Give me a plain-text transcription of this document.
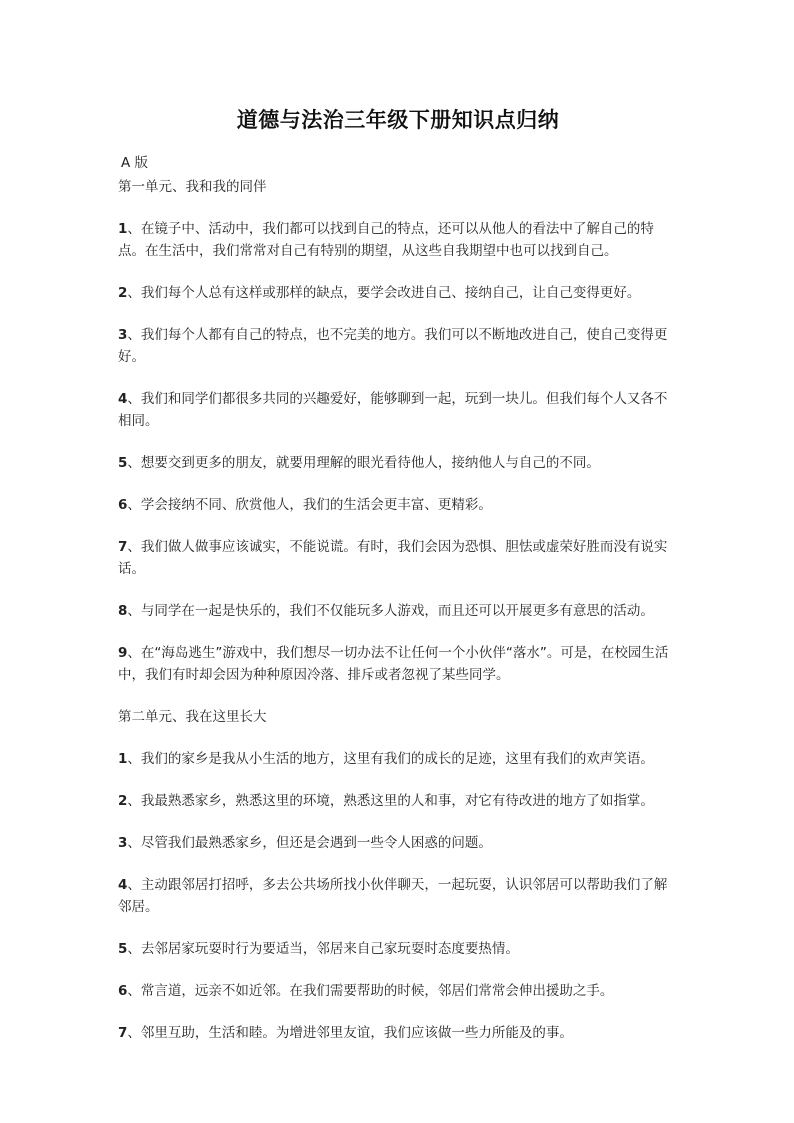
道德与法治三年级下册知识点归纳

A 版

第一单元、我和我的同伴

1、在镜子中、活动中，我们都可以找到自己的特点，还可以从他人的看法中了解自己的特点。在生活中，我们常常对自己有特别的期望，从这些自我期望中也可以找到自己。

2、我们每个人总有这样或那样的缺点，要学会改进自己、接纳自己，让自己变得更好。

3、我们每个人都有自己的特点，也不完美的地方。我们可以不断地改进自己，使自己变得更好。

4、我们和同学们都很多共同的兴趣爱好，能够聊到一起，玩到一块儿。但我们每个人又各不相同。

5、想要交到更多的朋友，就要用理解的眼光看待他人，接纳他人与自己的不同。

6、学会接纳不同、欣赏他人，我们的生活会更丰富、更精彩。

7、我们做人做事应该诚实，不能说谎。有时，我们会因为恐惧、胆怯或虚荣好胜而没有说实话。

8、与同学在一起是快乐的，我们不仅能玩多人游戏，而且还可以开展更多有意思的活动。

9、在“海岛逃生”游戏中，我们想尽一切办法不让任何一个小伙伴“落水”。可是，在校园生活中，我们有时却会因为种种原因冷落、排斥或者忽视了某些同学。

第二单元、我在这里长大

1、我们的家乡是我从小生活的地方，这里有我们的成长的足迹，这里有我们的欢声笑语。

2、我最熟悉家乡，熟悉这里的环境，熟悉这里的人和事，对它有待改进的地方了如指掌。

3、尽管我们最熟悉家乡，但还是会遇到一些令人困惑的问题。

4、主动跟邻居打招呼，多去公共场所找小伙伴聊天，一起玩耍，认识邻居可以帮助我们了解邻居。

5、去邻居家玩耍时行为要适当，邻居来自己家玩耍时态度要热情。

6、常言道，远亲不如近邻。在我们需要帮助的时候，邻居们常常会伸出援助之手。

7、邻里互助，生活和睦。为增进邻里友谊，我们应该做一些力所能及的事。
